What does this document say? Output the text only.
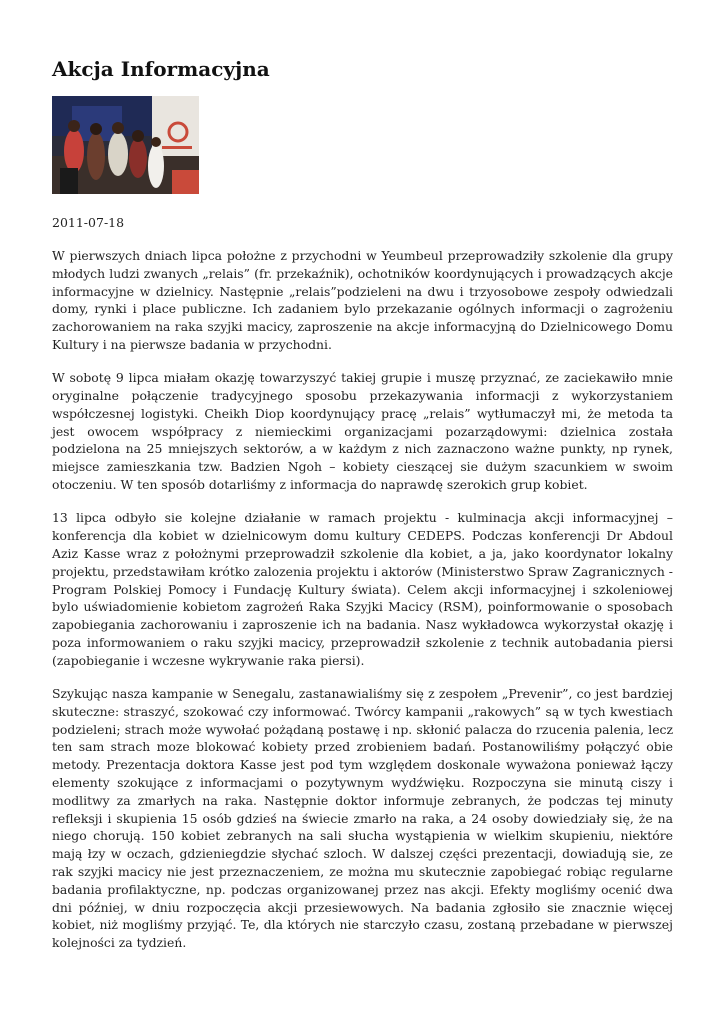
Akcja Informacyjna
2011-07-18

W pierwszych dniach lipca położne z przychodni w Yeumbeul przeprowadziły szkolenie dla grupy młodych ludzi zwanych „relais” (fr. przekaźnik), ochotników koordynujących i prowadzących akcje informacyjne w dzielnicy. Następnie „relais”podzieleni na dwu i trzyosobowe zespoły odwiedzali domy, rynki i place publiczne. Ich zadaniem bylo przekazanie ogólnych informacji o zagrożeniu zachorowaniem na raka szyjki macicy, zaproszenie na akcje informacyjną do Dzielnicowego Domu Kultury i na pierwsze badania w przychodni.

W sobotę 9 lipca miałam okazję towarzyszyć takiej grupie i muszę przyznać, ze zaciekawiło mnie oryginalne połączenie tradycyjnego sposobu przekazywania informacji z wykorzystaniem współczesnej logistyki. Cheikh Diop koordynujący pracę „relais” wytłumaczył mi, że metoda ta jest owocem współpracy z niemieckimi organizacjami pozarządowymi: dzielnica została podzielona na 25 mniejszych sektorów, a w każdym z nich zaznaczono ważne punkty, np rynek, miejsce zamieszkania tzw. Badzien Ngoh – kobiety cieszącej sie dużym szacunkiem w swoim otoczeniu. W ten sposób dotarliśmy z informacja do naprawdę szerokich grup kobiet.

13 lipca odbyło sie kolejne działanie w ramach projektu - kulminacja akcji informacyjnej – konferencja dla kobiet w dzielnicowym domu kultury CEDEPS. Podczas konferencji Dr Abdoul Aziz Kasse wraz z położnymi przeprowadził szkolenie dla kobiet, a ja, jako koordynator lokalny projektu, przedstawiłam krótko zalozenia projektu i aktorów (Ministerstwo Spraw Zagranicznych - Program Polskiej Pomocy i Fundację Kultury świata). Celem akcji informacyjnej i szkoleniowej bylo uświadomienie kobietom zagrożeń Raka Szyjki Macicy (RSM), poinformowanie o sposobach zapobiegania zachorowaniu i zaproszenie ich na badania. Nasz wykładowca wykorzystał okazję i poza informowaniem o raku szyjki macicy, przeprowadził szkolenie z technik autobadania piersi (zapobieganie i wczesne wykrywanie raka piersi).

Szykując nasza kampanie w Senegalu, zastanawialiśmy się z zespołem „Prevenir”, co jest bardziej skuteczne: straszyć, szokować czy informować. Twórcy kampanii „rakowych” są w tych kwestiach podzieleni; strach może wywołać pożądaną postawę i np. skłonić palacza do rzucenia palenia, lecz ten sam strach moze blokować kobiety przed zrobieniem badań. Postanowiliśmy połączyć obie metody. Prezentacja doktora Kasse jest pod tym względem doskonale wyważona ponieważ łączy elementy szokujące z informacjami o pozytywnym wydźwięku. Rozpoczyna sie minutą ciszy i modlitwy za zmarłych na raka. Następnie doktor informuje zebranych, że podczas tej minuty refleksji i skupienia 15 osób gdzieś na świecie zmarło na raka, a 24 osoby dowiedziały się, że na niego chorują. 150 kobiet zebranych na sali słucha wystąpienia w wielkim skupieniu, niektóre mają łzy w oczach, gdzieniegdzie słychać szloch. W dalszej części prezentacji, dowiadują sie, ze rak szyjki macicy nie jest przeznaczeniem, ze można mu skutecznie zapobiegać robiąc regularne badania profilaktyczne, np. podczas organizowanej przez nas akcji. Efekty mogliśmy ocenić dwa dni później, w dniu rozpoczęcia akcji przesiewowych. Na badania zgłosiło sie znacznie więcej kobiet, niż mogliśmy przyjąć. Te, dla których nie starczyło czasu, zostaną przebadane w pierwszej kolejności za tydzień.
